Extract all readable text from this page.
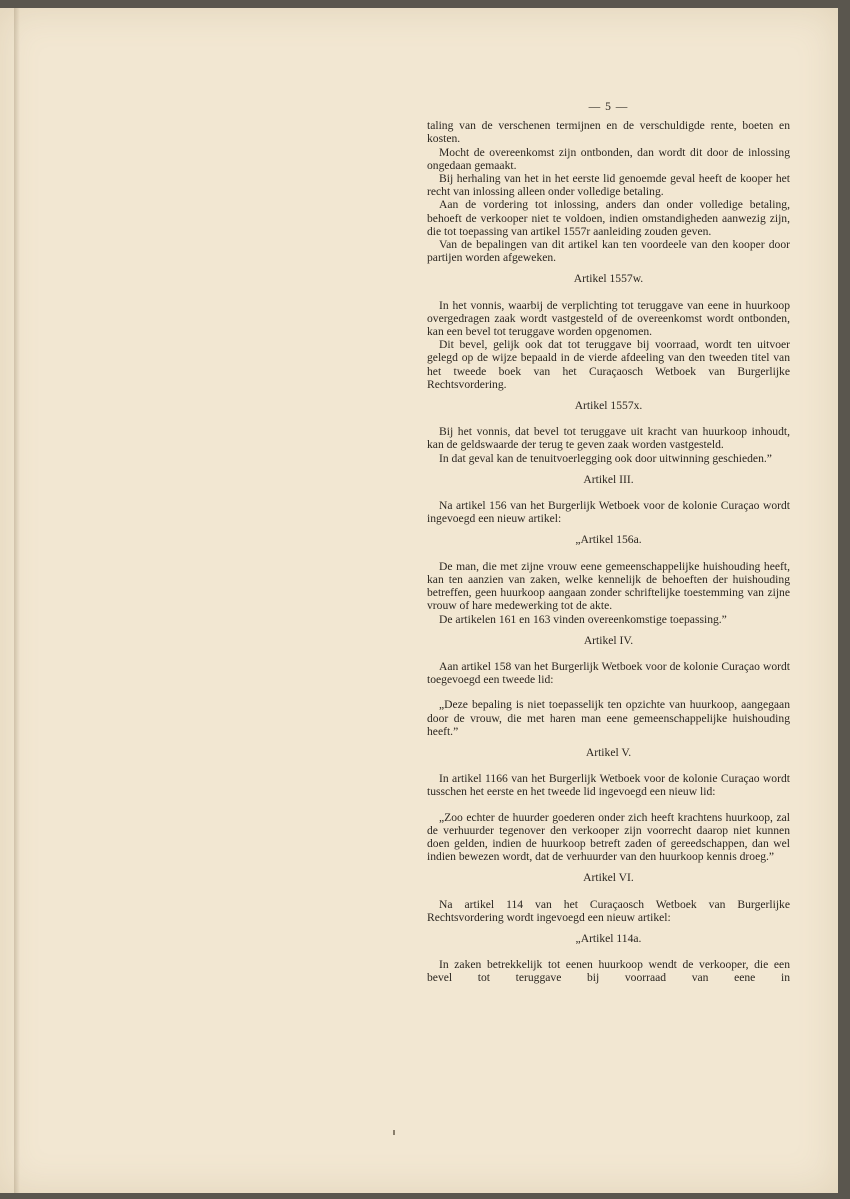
— 5 —

taling van de verschenen termijnen en de verschuldigde rente, boeten en kosten.

Mocht de overeenkomst zijn ontbonden, dan wordt dit door de inlossing ongedaan gemaakt.

Bij herhaling van het in het eerste lid genoemde geval heeft de kooper het recht van inlossing alleen onder volledige betaling.

Aan de vordering tot inlossing, anders dan onder volledige betaling, behoeft de verkooper niet te voldoen, indien omstandigheden aanwezig zijn, die tot toepassing van artikel 1557r aanleiding zouden geven.

Van de bepalingen van dit artikel kan ten voordeele van den kooper door partijen worden afgeweken.

Artikel 1557w.

In het vonnis, waarbij de verplichting tot teruggave van eene in huurkoop overgedragen zaak wordt vastgesteld of de overeenkomst wordt ontbonden, kan een bevel tot teruggave worden opgenomen.

Dit bevel, gelijk ook dat tot teruggave bij voorraad, wordt ten uitvoer gelegd op de wijze bepaald in de vierde afdeeling van den tweeden titel van het tweede boek van het Curaçaosch Wetboek van Burgerlijke Rechtsvordering.

Artikel 1557x.

Bij het vonnis, dat bevel tot teruggave uit kracht van huurkoop inhoudt, kan de geldswaarde der terug te geven zaak worden vastgesteld.

In dat geval kan de tenuitvoerlegging ook door uitwinning geschieden.”

Artikel III.

Na artikel 156 van het Burgerlijk Wetboek voor de kolonie Curaçao wordt ingevoegd een nieuw artikel:

„Artikel 156a.

De man, die met zijne vrouw eene gemeenschappelijke huishouding heeft, kan ten aanzien van zaken, welke kennelijk de behoeften der huishouding betreffen, geen huurkoop aangaan zonder schriftelijke toestemming van zijne vrouw of hare medewerking tot de akte.

De artikelen 161 en 163 vinden overeenkomstige toepassing.”

Artikel IV.

Aan artikel 158 van het Burgerlijk Wetboek voor de kolonie Curaçao wordt toegevoegd een tweede lid:

„Deze bepaling is niet toepasselijk ten opzichte van huurkoop, aangegaan door de vrouw, die met haren man eene gemeenschappelijke huishouding heeft.”

Artikel V.

In artikel 1166 van het Burgerlijk Wetboek voor de kolonie Curaçao wordt tusschen het eerste en het tweede lid ingevoegd een nieuw lid:

„Zoo echter de huurder goederen onder zich heeft krachtens huurkoop, zal de verhuurder tegenover den verkooper zijn voorrecht daarop niet kunnen doen gelden, indien de huurkoop betreft zaden of gereedschappen, dan wel indien bewezen wordt, dat de verhuurder van den huurkoop kennis droeg.”

Artikel VI.

Na artikel 114 van het Curaçaosch Wetboek van Burgerlijke Rechtsvordering wordt ingevoegd een nieuw artikel:

„Artikel 114a.

In zaken betrekkelijk tot eenen huurkoop wendt de verkooper, die een bevel tot teruggave bij voorraad van eene in
